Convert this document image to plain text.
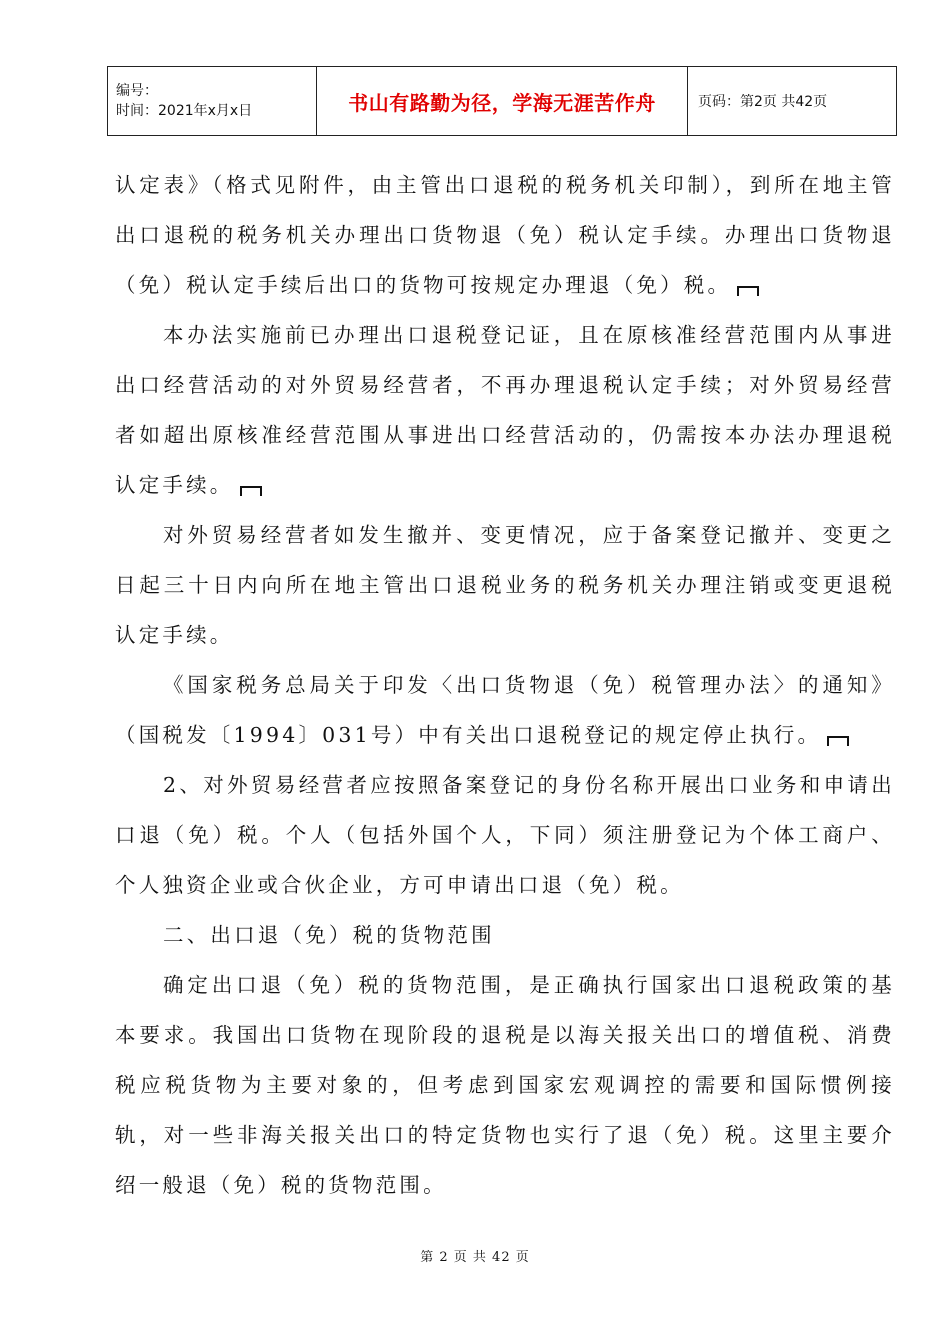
编号：
时间：2021年x月x日	书山有路勤为径，学海无涯苦作舟	页码：第2页 共42页

认定表》（格式见附件，由主管出口退税的税务机关印制），到所在地主管出口退税的税务机关办理出口货物退（免）税认定手续。办理出口货物退（免）税认定手续后出口的货物可按规定办理退（免）税。

本办法实施前已办理出口退税登记证，且在原核准经营范围内从事进出口经营活动的对外贸易经营者，不再办理退税认定手续；对外贸易经营者如超出原核准经营范围从事进出口经营活动的，仍需按本办法办理退税认定手续。

对外贸易经营者如发生撤并、变更情况，应于备案登记撤并、变更之日起三十日内向所在地主管出口退税业务的税务机关办理注销或变更退税认定手续。

《国家税务总局关于印发〈出口货物退（免）税管理办法〉的通知》（国税发〔1994〕031号）中有关出口退税登记的规定停止执行。

2、对外贸易经营者应按照备案登记的身份名称开展出口业务和申请出口退（免）税。个人（包括外国个人，下同）须注册登记为个体工商户、个人独资企业或合伙企业，方可申请出口退（免）税。

二、出口退（免）税的货物范围

确定出口退（免）税的货物范围，是正确执行国家出口退税政策的基本要求。我国出口货物在现阶段的退税是以海关报关出口的增值税、消费税应税货物为主要对象的，但考虑到国家宏观调控的需要和国际惯例接轨，对一些非海关报关出口的特定货物也实行了退（免）税。这里主要介绍一般退（免）税的货物范围。

第 2 页 共 42 页
